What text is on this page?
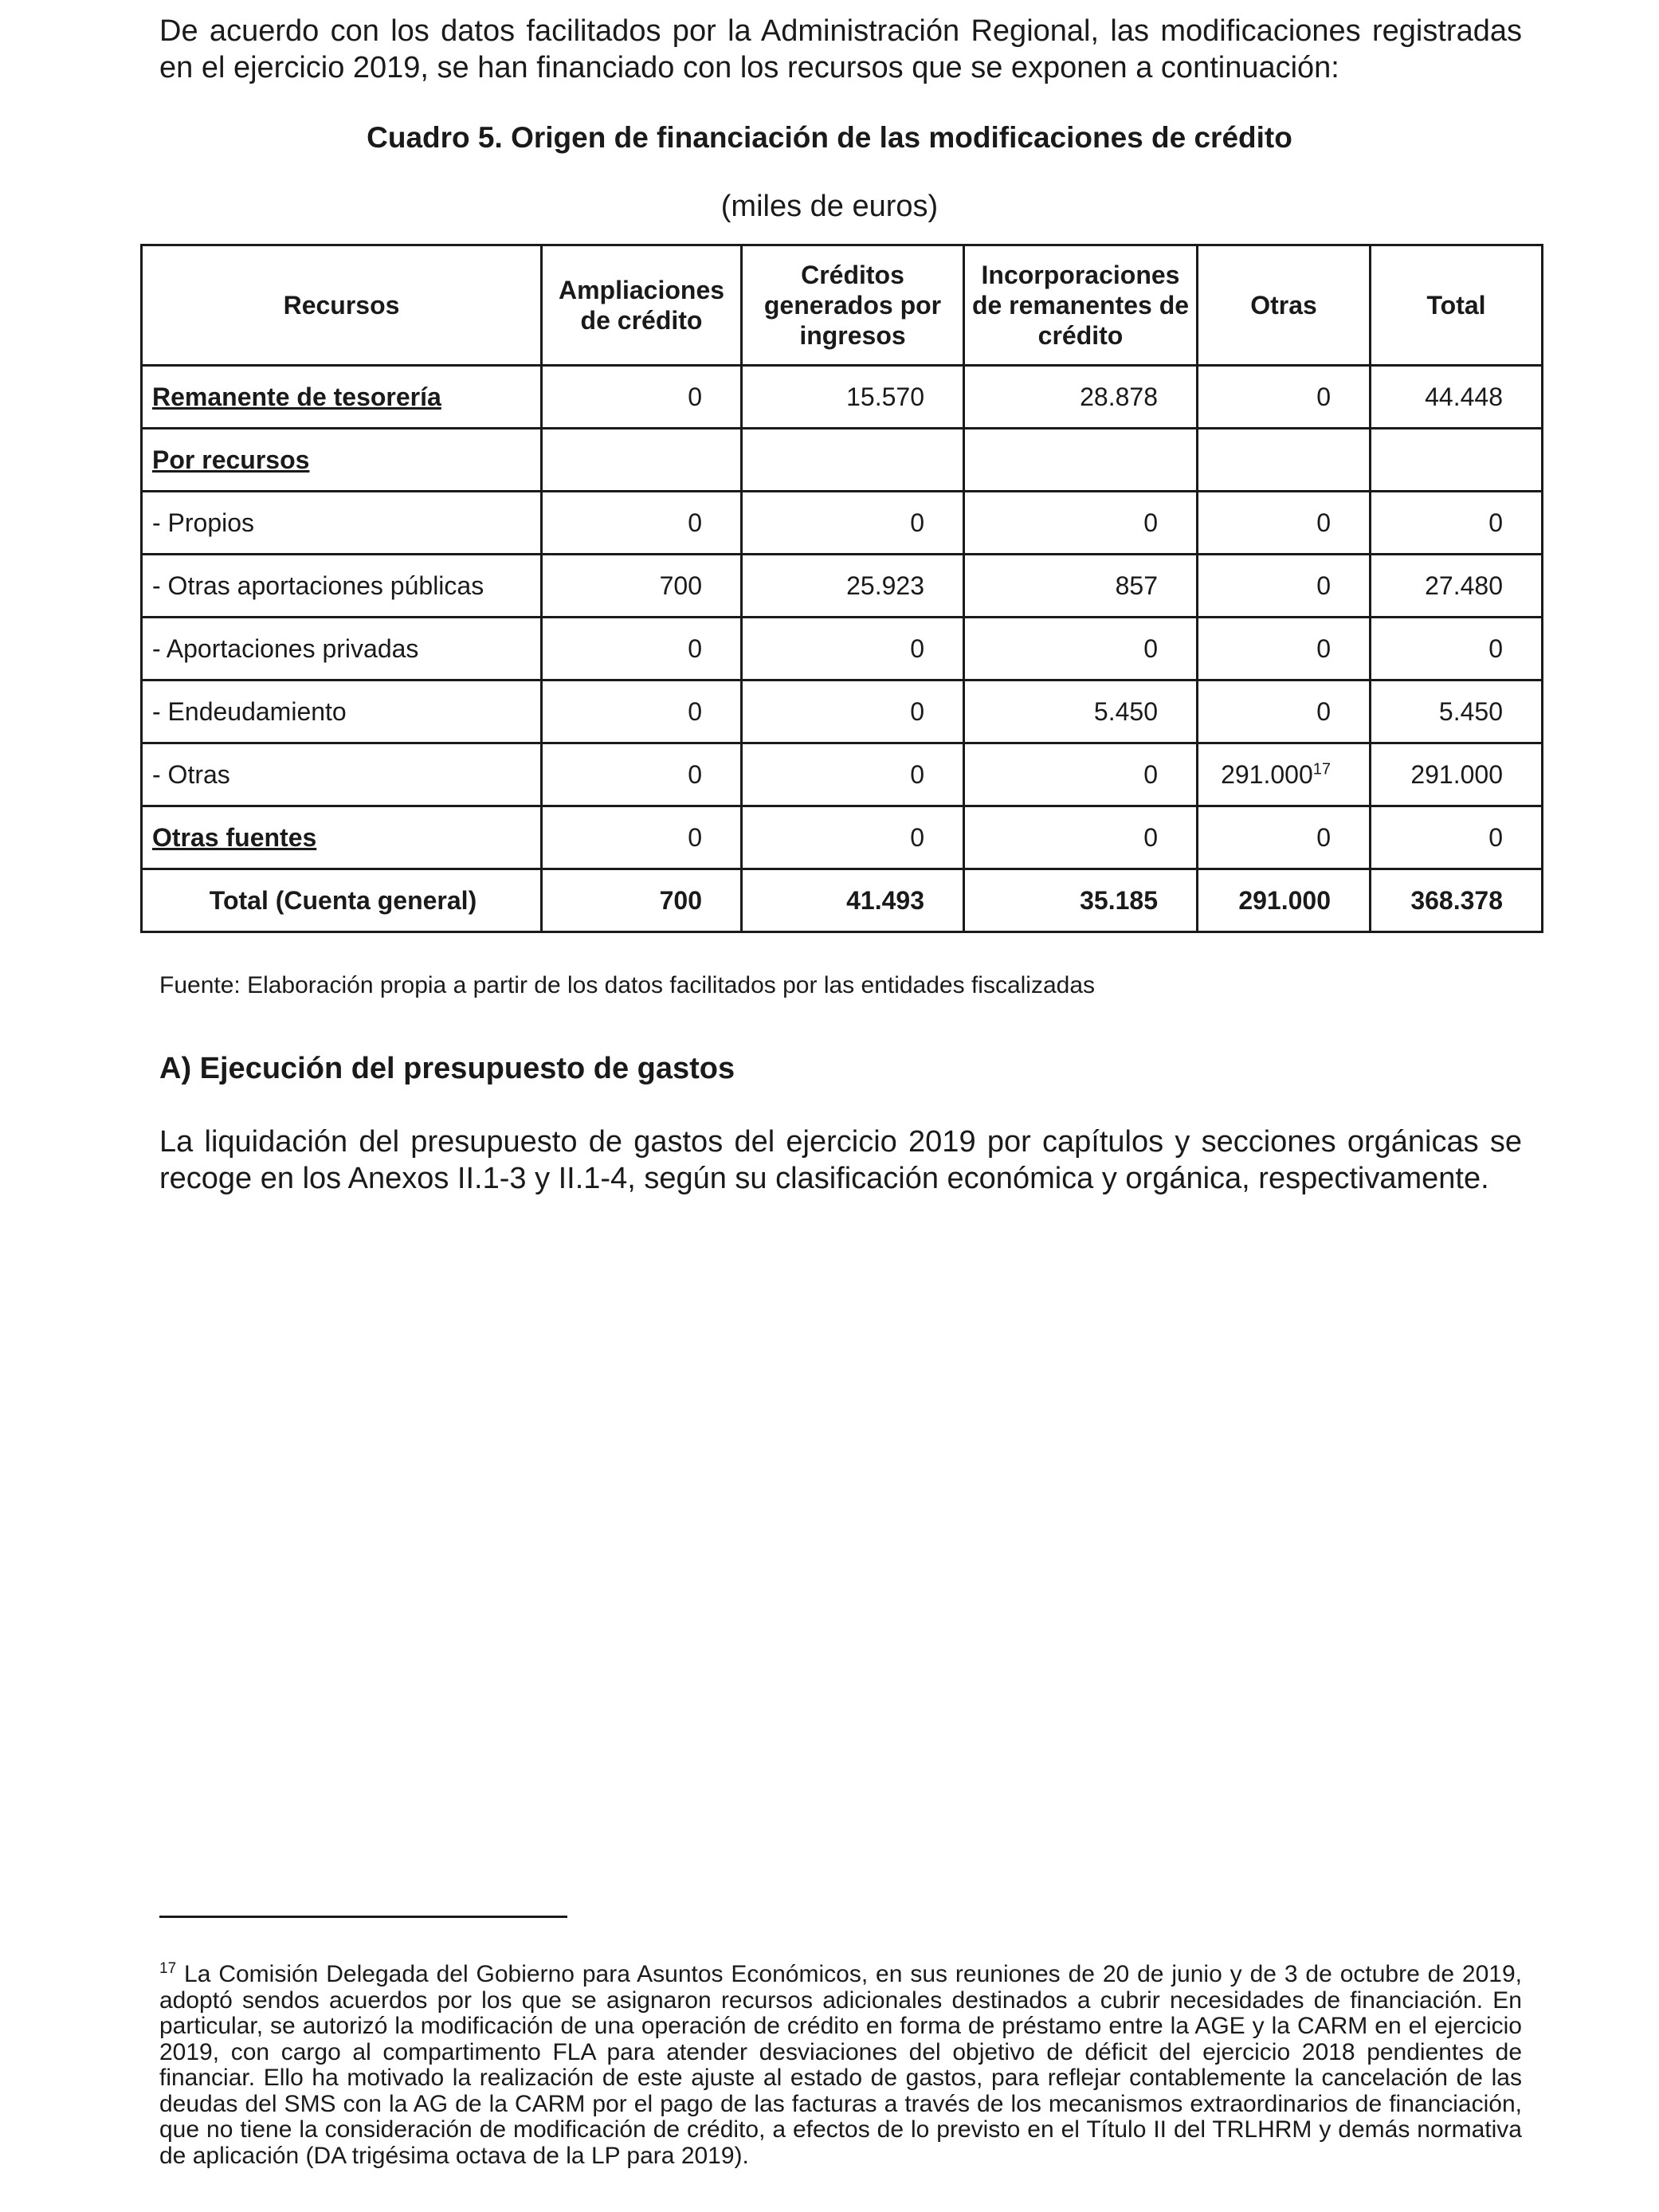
De acuerdo con los datos facilitados por la Administración Regional, las modificaciones registradas en el ejercicio 2019, se han financiado con los recursos que se exponen a continuación:

Cuadro 5. Origen de financiación de las modificaciones de crédito
(miles de euros)
Recursos	Ampliaciones de crédito	Créditos generados por ingresos	Incorporaciones de remanentes de crédito	Otras	Total
Remanente de tesorería	0	15.570	28.878	0	44.448
Por recursos					
- Propios	0	0	0	0	0
- Otras aportaciones públicas	700	25.923	857	0	27.480
- Aportaciones privadas	0	0	0	0	0
- Endeudamiento	0	0	5.450	0	5.450
- Otras	0	0	0	291.000$^{17}$	291.000
Otras fuentes	0	0	0	0	0
Total (Cuenta general)	700	41.493	35.185	291.000	368.378
Fuente: Elaboración propia a partir de los datos facilitados por las entidades fiscalizadas
A) Ejecución del presupuesto de gastos

La liquidación del presupuesto de gastos del ejercicio 2019 por capítulos y secciones orgánicas se recoge en los Anexos II.1-3 y II.1-4, según su clasificación económica y orgánica, respectivamente.

$^{17}$ La Comisión Delegada del Gobierno para Asuntos Económicos, en sus reuniones de 20 de junio y de 3 de octubre de 2019, adoptó sendos acuerdos por los que se asignaron recursos adicionales destinados a cubrir necesidades de financiación. En particular, se autorizó la modificación de una operación de crédito en forma de préstamo entre la AGE y la CARM en el ejercicio 2019, con cargo al compartimento FLA para atender desviaciones del objetivo de déficit del ejercicio 2018 pendientes de financiar. Ello ha motivado la realización de este ajuste al estado de gastos, para reflejar contablemente la cancelación de las deudas del SMS con la AG de la CARM por el pago de las facturas a través de los mecanismos extraordinarios de financiación, que no tiene la consideración de modificación de crédito, a efectos de lo previsto en el Título II del TRLHRM y demás normativa de aplicación (DA trigésima octava de la LP para 2019).
